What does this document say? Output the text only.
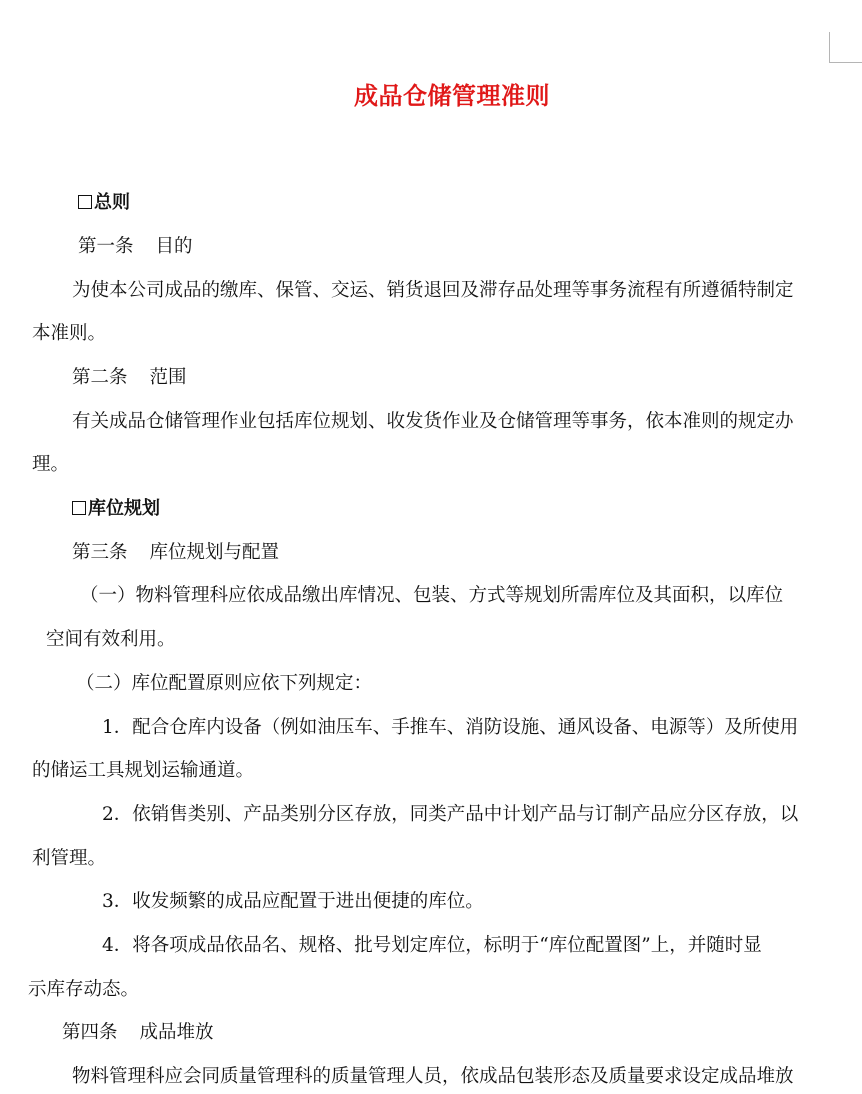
成品仓储管理准则
总则
第一条 目的
为使本公司成品的缴库、保管、交运、销货退回及滞存品处理等事务流程有所遵循特制定
本准则。
第二条 范围
有关成品仓储管理作业包括库位规划、收发货作业及仓储管理等事务，依本准则的规定办
理。
库位规划
第三条 库位规划与配置
（一）物料管理科应依成品缴出库情况、包装、方式等规划所需库位及其面积，以库位
空间有效利用。
（二）库位配置原则应依下列规定：
1．配合仓库内设备（例如油压车、手推车、消防设施、通风设备、电源等）及所使用
的储运工具规划运输通道。
2．依销售类别、产品类别分区存放，同类产品中计划产品与订制产品应分区存放，以
利管理。
3．收发频繁的成品应配置于进出便捷的库位。
4．将各项成品依品名、规格、批号划定库位，标明于“库位配置图”上，并随时显
示库存动态。
第四条 成品堆放
物料管理科应会同质量管理科的质量管理人员，依成品包装形态及质量要求设定成品堆放
